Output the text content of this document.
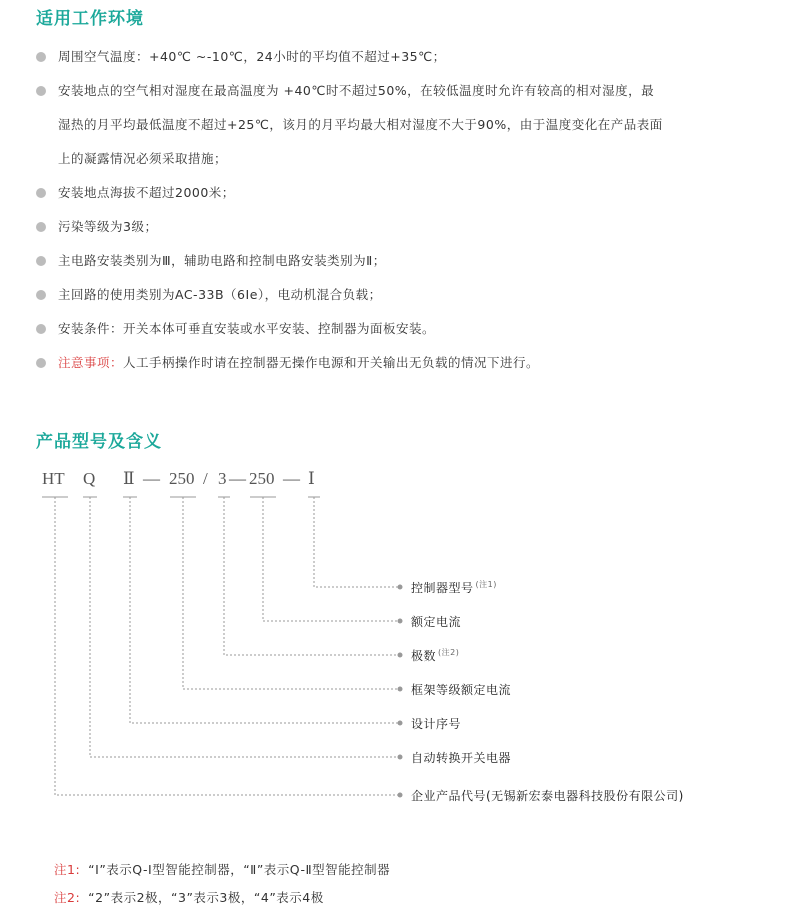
适用工作环境
周围空气温度：+40℃ ~-10℃，24小时的平均值不超过+35℃；
安装地点的空气相对湿度在最高温度为 +40℃时不超过50%，在较低温度时允许有较高的相对湿度，最
湿热的月平均最低温度不超过+25℃，该月的月平均最大相对湿度不大于90%，由于温度变化在产品表面
上的凝露情况必须采取措施；
安装地点海拔不超过2000米；
污染等级为3级；
主电路安装类别为Ⅲ，辅助电路和控制电路安装类别为Ⅱ；
主回路的使用类别为AC-33B（6Ie），电动机混合负载；
安装条件：开关本体可垂直安装或水平安装、控制器为面板安装。
注意事项：人工手柄操作时请在控制器无操作电源和开关输出无负载的情况下进行。
产品型号及含义
HT Q Ⅱ — 250 / 3 — 250 — Ⅰ
控制器型号 $^{(注1)}$
额定电流
极数 $^{(注2)}$
框架等级额定电流
设计序号
自动转换开关电器
企业产品代号(无锡新宏泰电器科技股份有限公司)
注1: “Ⅰ”表示Q-Ⅰ型智能控制器，“Ⅱ”表示Q-Ⅱ型智能控制器
注2: “2”表示2极，“3”表示3极，“4”表示4极
